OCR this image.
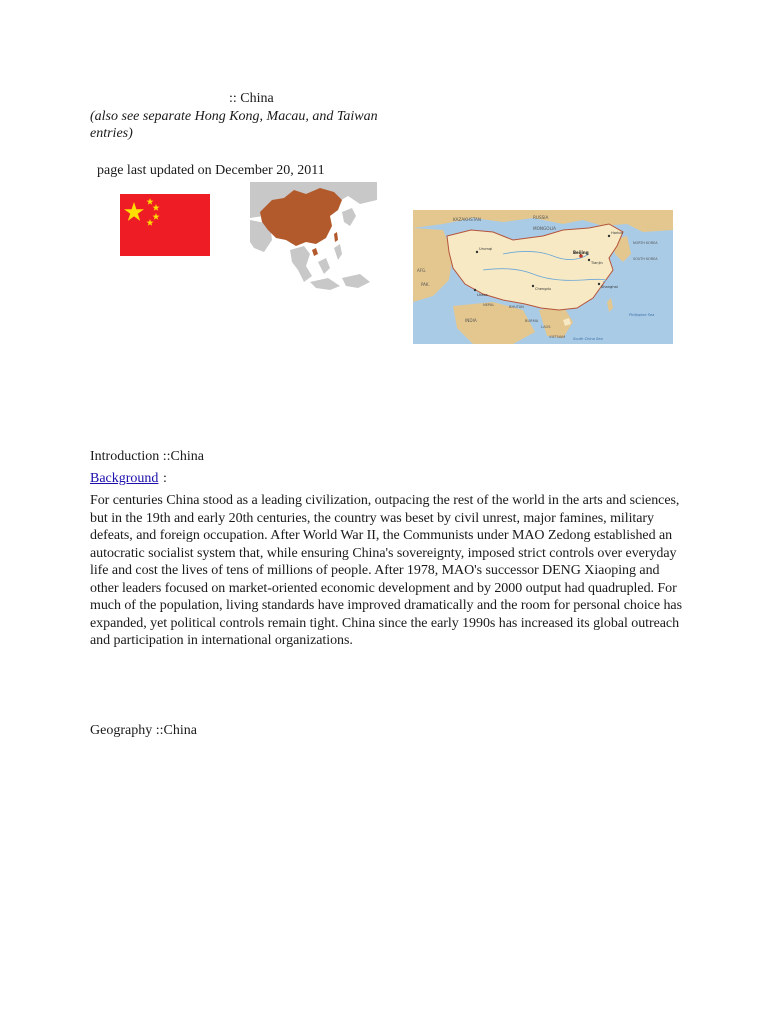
:: China
(also see separate Hong Kong, Macau, and Taiwan entries)
page last updated on December 20, 2011
KAZAKHSTAN	RUSSIA
MONGOLIA
AFG.
PAK.
INDIA
NEPAL	BHUTAN
BURMA
LAOS
VIETNAM
Beijing
Tianjin
Shanghai
Urumqi
Lhasa
Chengdu
Harbin
NORTH KOREA
SOUTH KOREA
Philippine Sea
South China Sea
Introduction ::China
Background :
For centuries China stood as a leading civilization, outpacing the rest of the world in the arts and sciences, but in the 19th and early 20th centuries, the country was beset by civil unrest, major famines, military defeats, and foreign occupation. After World War II, the Communists under MAO Zedong established an autocratic socialist system that, while ensuring China's sovereignty, imposed strict controls over everyday life and cost the lives of tens of millions of people. After 1978, MAO's successor DENG Xiaoping and other leaders focused on market-oriented economic development and by 2000 output had quadrupled. For much of the population, living standards have improved dramatically and the room for personal choice has expanded, yet political controls remain tight. China since the early 1990s has increased its global outreach and participation in international organizations.
Geography ::China
